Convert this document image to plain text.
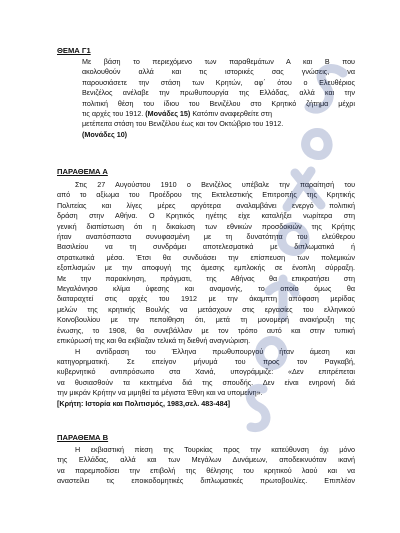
ΘΕΜΑ Γ1
Με βάση το περιεχόμενο των παραθεμάτων Α και Β που
ακολουθούν αλλά και τις ιστορικές σας γνώσεις, να
παρουσιάσετε την στάση των Κρητών, αφ΄ ότου ο Ελευθέριος
Βενιζέλος ανέλαβε την πρωθυπουργία της Ελλάδας, αλλά και την
πολιτική θέση του ίδιου του Βενιζέλου στο Κρητικό ζήτημα μέχρι
τις αρχές του 1912. (Μονάδες 15) Κατόπιν αναφερθείτε στη
μετέπειτα στάση του Βενιζέλου έως και τον Οκτώβριο του 1912.
(Μονάδες 10)
ΠΑΡΑΘΕΜΑ Α
Στις 27 Αυγούστου 1910 ο Βενιζέλος υπέβαλε την παραίτησή του
από το αξίωμα του Προέδρου της Εκτελεστικής Επιτροπής της Κρητικής
Πολιτείας και λίγες μέρες αργότερα αναλαμβάνει ενεργό πολιτική
δράση στην Αθήνα. Ο Κρητικός ηγέτης είχε καταλήξει νωρίτερα στη
γενική διαπίστωση ότι η δικαίωση των εθνικών προσδοκιών της Κρήτης
ήταν αναπόσπαστα συνυφασμένη με τη δυνατότητα του ελεύθερου
Βασιλείου να τη συνδράμει αποτελεσματικά με διπλωματικά ή
στρατιωτικά μέσα. Έτσι θα συνδυάσει την επίσπευση των πολεμικών
εξοπλισμών με την αποφυγή της άμεσης εμπλοκής σε ένοπλη σύρραξη.
Με την παρακίνηση, πράγματι, της Αθήνας θα επικρατήσει στη
Μεγαλόνησο κλίμα ύφεσης και αναμονής, το οποίο όμως θα
διαταραχτεί στις αρχές του 1912 με την άκαμπτη απόφαση μερίδας
μελών της κρητικής Βουλής να μετάσχουν στις εργασίες του ελληνικού
Κοινοβουλίου με την πεποίθηση ότι, μετά τη μονομερή ανακήρυξη της
ένωσης, το 1908, θα συνεβάλλαν με τον τρόπο αυτό και στην τυπική
επικύρωσή της και θα εκβίαζαν τελικά τη διεθνή αναγνώριση.
Η αντίδραση του Έλληνα πρωθυπουργού ήταν άμεση και
κατηγορηματική. Σε επείγον μήνυμά του προς τον Ραγκαβή,
κυβερνητικό αντιπρόσωπο στα Χανιά, υπογράμμιζε: «Δεν επιτρέπεται
να θυσιασθούν τα κεκτημένα διά της σπουδής. Δεν είναι ενηρονή διά
την μικράν Κρήτην να μιμηθεί τα μέγιστα Έθνη και να υπομείνη».
[Κρήτη: Ιστορία και Πολιτισμός, 1983,σελ. 483-484]
ΠΑΡΑΘΕΜΑ Β
Η εκβιαστική πίεση της Τουρκίας προς την κατεύθυνση όχι μόνο
της Ελλάδας, αλλά και των Μεγάλων Δυνάμεων, αποδεικνυόταν ικανή
να παρεμποδίσει την επιβολή της θέλησης του κρητικού λαού και να
αναστείλει τις εποικοδομητικές διπλωματικές πρωτοβουλίες. Επιπλέον
